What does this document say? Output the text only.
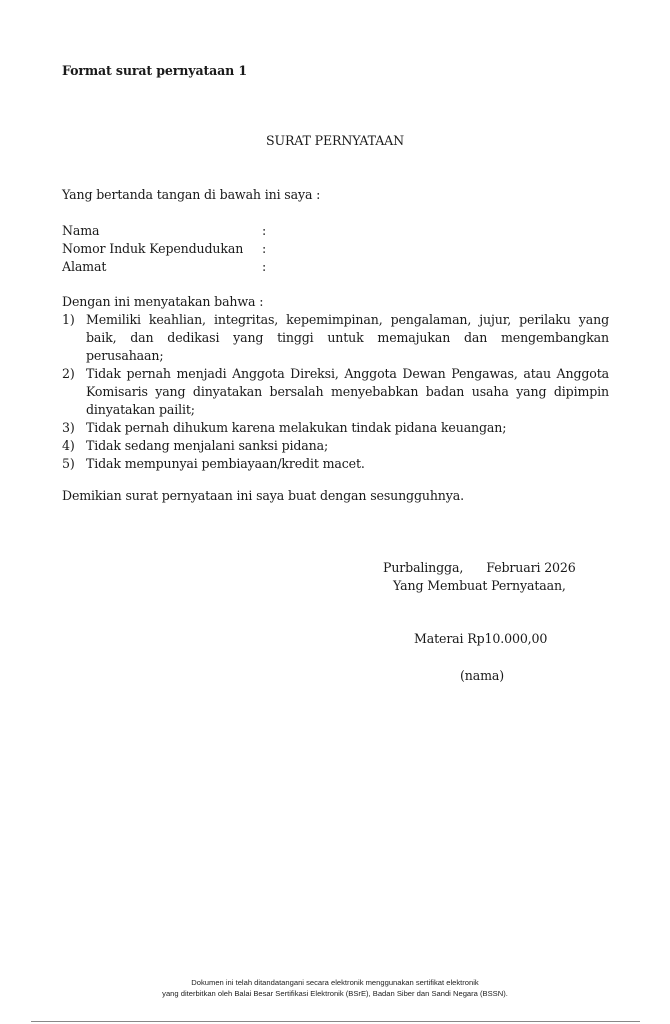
Format surat pernyataan 1
SURAT PERNYATAAN
Yang bertanda tangan di bawah ini saya :
Nama	:
Nomor Induk Kependudukan	:
Alamat	:
Dengan ini menyatakan bahwa :
1) Memiliki keahlian, integritas, kepemimpinan, pengalaman, jujur, perilaku yang baik, dan dedikasi yang tinggi untuk memajukan dan mengembangkan perusahaan;
2) Tidak pernah menjadi Anggota Direksi, Anggota Dewan Pengawas, atau Anggota Komisaris yang dinyatakan bersalah menyebabkan badan usaha yang dipimpin dinyatakan pailit;
3) Tidak pernah dihukum karena melakukan tindak pidana keuangan;
4) Tidak sedang menjalani sanksi pidana;
5) Tidak mempunyai pembiayaan/kredit macet.
Demikian surat pernyataan ini saya buat dengan sesungguhnya.
Purbalingga,      Februari 2026
Yang Membuat Pernyataan,
Materai Rp10.000,00
(nama)
Dokumen ini telah ditandatangani secara elektronik menggunakan sertifikat elektronik
yang diterbitkan oleh Balai Besar Sertifikasi Elektronik (BSrE), Badan Siber dan Sandi Negara (BSSN).
